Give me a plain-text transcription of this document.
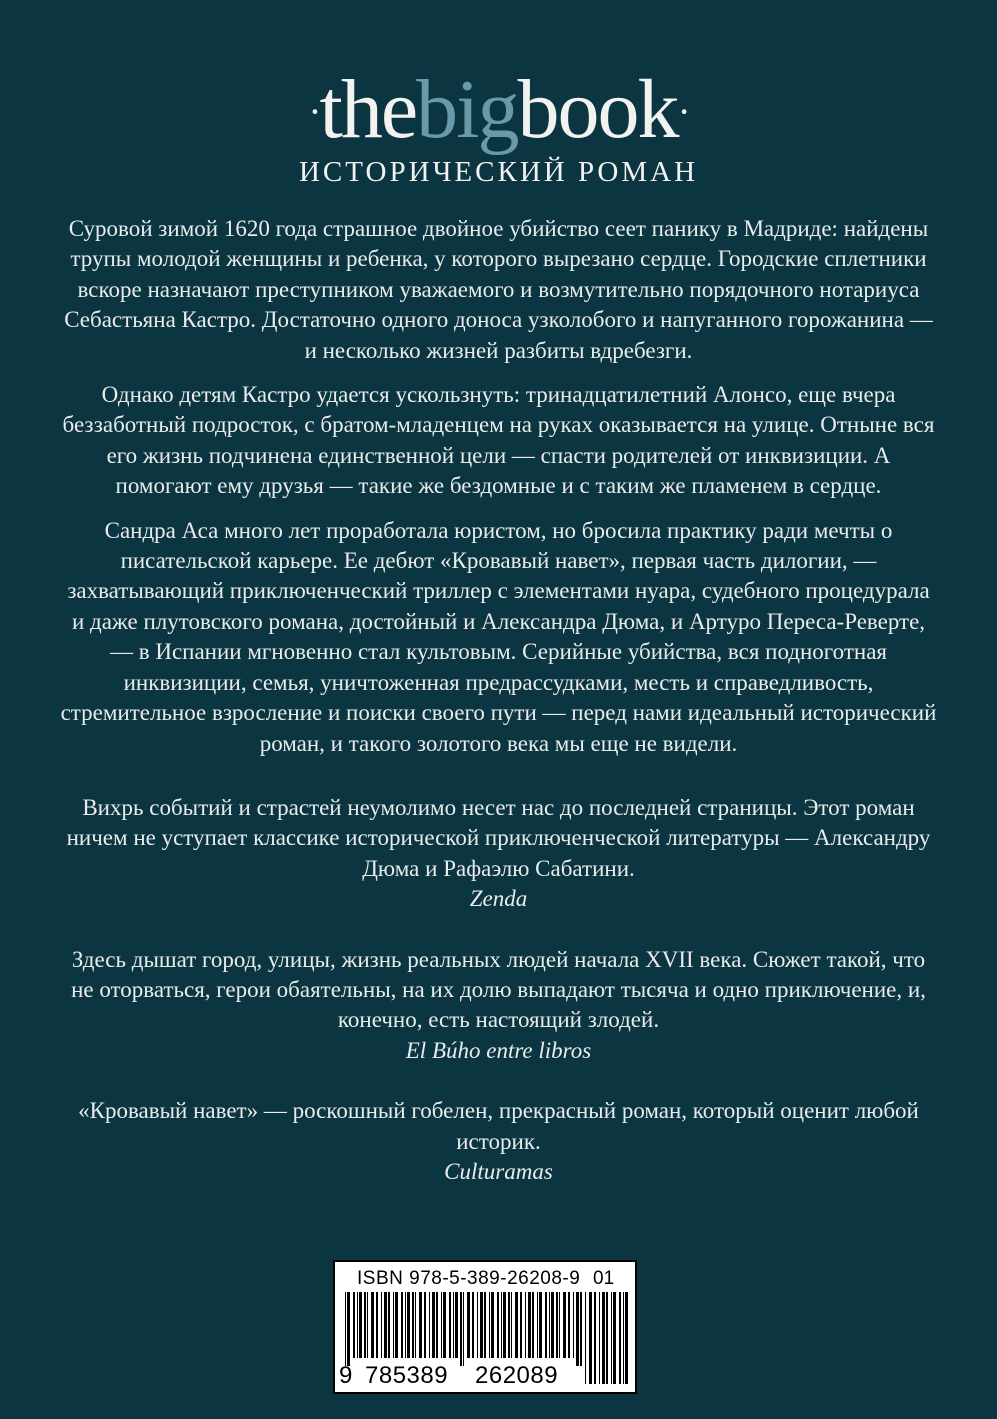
·thebigbook·
ИСТОРИЧЕСКИЙ РОМАН

Суровой зимой 1620 года страшное двойное убийство сеет панику в Мадриде: найдены трупы молодой женщины и ребенка, у которого вырезано сердце. Городские сплетники вскоре назначают преступником уважаемого и возмутительно порядочного нотариуса Себастьяна Кастро. Достаточно одного доноса узколобого и напуганного горожанина — и несколько жизней разбиты вдребезги.

Однако детям Кастро удается ускользнуть: тринадцатилетний Алонсо, еще вчера беззаботный подросток, с братом-младенцем на руках оказывается на улице. Отныне вся его жизнь подчинена единственной цели — спасти родителей от инквизиции. А помогают ему друзья — такие же бездомные и с таким же пламенем в сердце.

Сандра Аса много лет проработала юристом, но бросила практику ради мечты о писательской карьере. Ее дебют «Кровавый навет», первая часть дилогии, — захватывающий приключенческий триллер с элементами нуара, судебного процедурала и даже плутовского романа, достойный и Александра Дюма, и Артуро Переса-Реверте, — в Испании мгновенно стал культовым. Серийные убийства, вся подноготная инквизиции, семья, уничтоженная предрассудками, месть и справедливость, стремительное взросление и поиски своего пути — перед нами идеальный исторический роман, и такого золотого века мы еще не видели.

Вихрь событий и страстей неумолимо несет нас до последней страницы. Этот роман ничем не уступает классике исторической приключенческой литературы — Александру Дюма и Рафаэлю Сабатини.
Zenda
Здесь дышат город, улицы, жизнь реальных людей начала XVII века. Сюжет такой, что не оторваться, герои обаятельны, на их долю выпадают тысяча и одно приключение, и, конечно, есть настоящий злодей.
El Búho entre libros
«Кровавый навет» — роскошный гобелен, прекрасный роман, который оценит любой историк.
Culturamas
ISBN 978-5-389-26208-9 01
9 785389 262089
